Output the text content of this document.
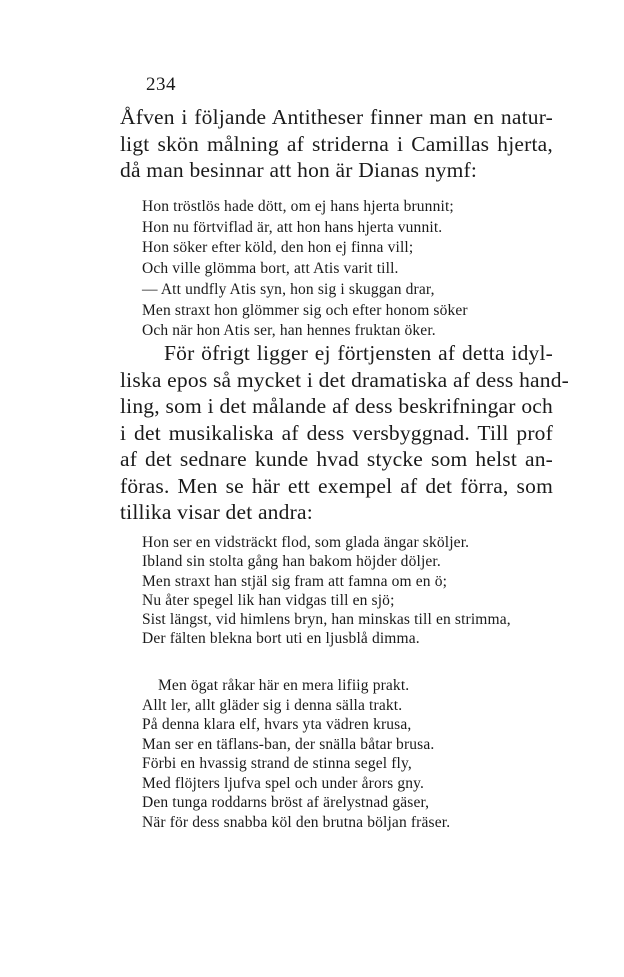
234
Åfven i följande Antitheser finner man en natur-
ligt skön målning af striderna i Camillas hjerta,
då man besinnar att hon är Dianas nymf:
Hon tröstlös hade dött, om ej hans hjerta brunnit;
Hon nu förtviflad är, att hon hans hjerta vunnit.
Hon söker efter köld, den hon ej finna vill;
Och ville glömma bort, att Atis varit till.
— Att undfly Atis syn, hon sig i skuggan drar,
Men straxt hon glömmer sig och efter honom söker
Och när hon Atis ser, han hennes fruktan öker.
För öfrigt ligger ej förtjensten af detta idyl-
liska epos så mycket i det dramatiska af dess hand-
ling, som i det målande af dess beskrifningar och
i det musikaliska af dess versbyggnad. Till prof
af det sednare kunde hvad stycke som helst an-
föras. Men se här ett exempel af det förra, som
tillika visar det andra:
Hon ser en vidsträckt flod, som glada ängar sköljer.
Ibland sin stolta gång han bakom höjder döljer.
Men straxt han stjäl sig fram att famna om en ö;
Nu åter spegel lik han vidgas till en sjö;
Sist längst, vid himlens bryn, han minskas till en strimma,
Der fälten blekna bort uti en ljusblå dimma.
Men ögat råkar här en mera lifiig prakt.
Allt ler, allt gläder sig i denna sälla trakt.
På denna klara elf, hvars yta vädren krusa,
Man ser en täflans-ban, der snälla båtar brusa.
Förbi en hvassig strand de stinna segel fly,
Med flöjters ljufva spel och under årors gny.
Den tunga roddarns bröst af ärelystnad gäser,
När för dess snabba köl den brutna böljan fräser.
